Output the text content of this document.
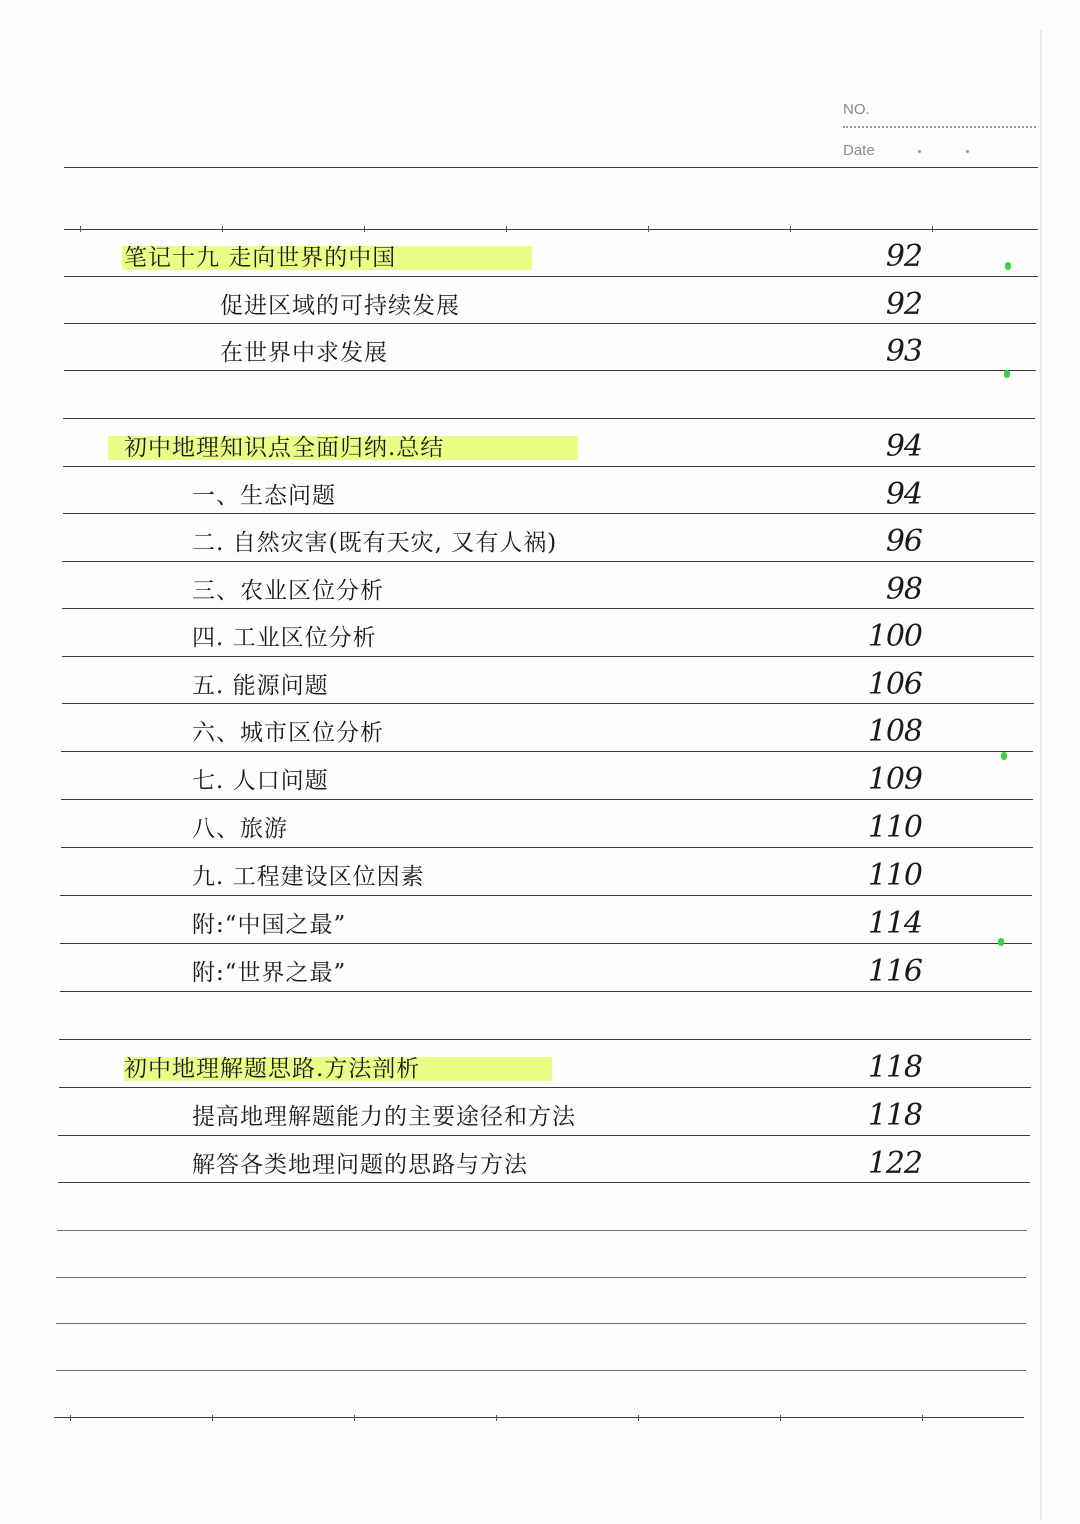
NO.
Date
笔记十九 走向世界的中国	92
促进区域的可持续发展	92
在世界中求发展	93
初中地理知识点全面归纳.总结	94
一、生态问题	94
二. 自然灾害(既有天灾, 又有人祸)	96
三、农业区位分析	98
四. 工业区位分析	100
五. 能源问题	106
六、城市区位分析	108
七. 人口问题	109
八、旅游	110
九. 工程建设区位因素	110
附:“中国之最”	114
附:“世界之最”	116
初中地理解题思路.方法剖析	118
提高地理解题能力的主要途径和方法	118
解答各类地理问题的思路与方法	122
